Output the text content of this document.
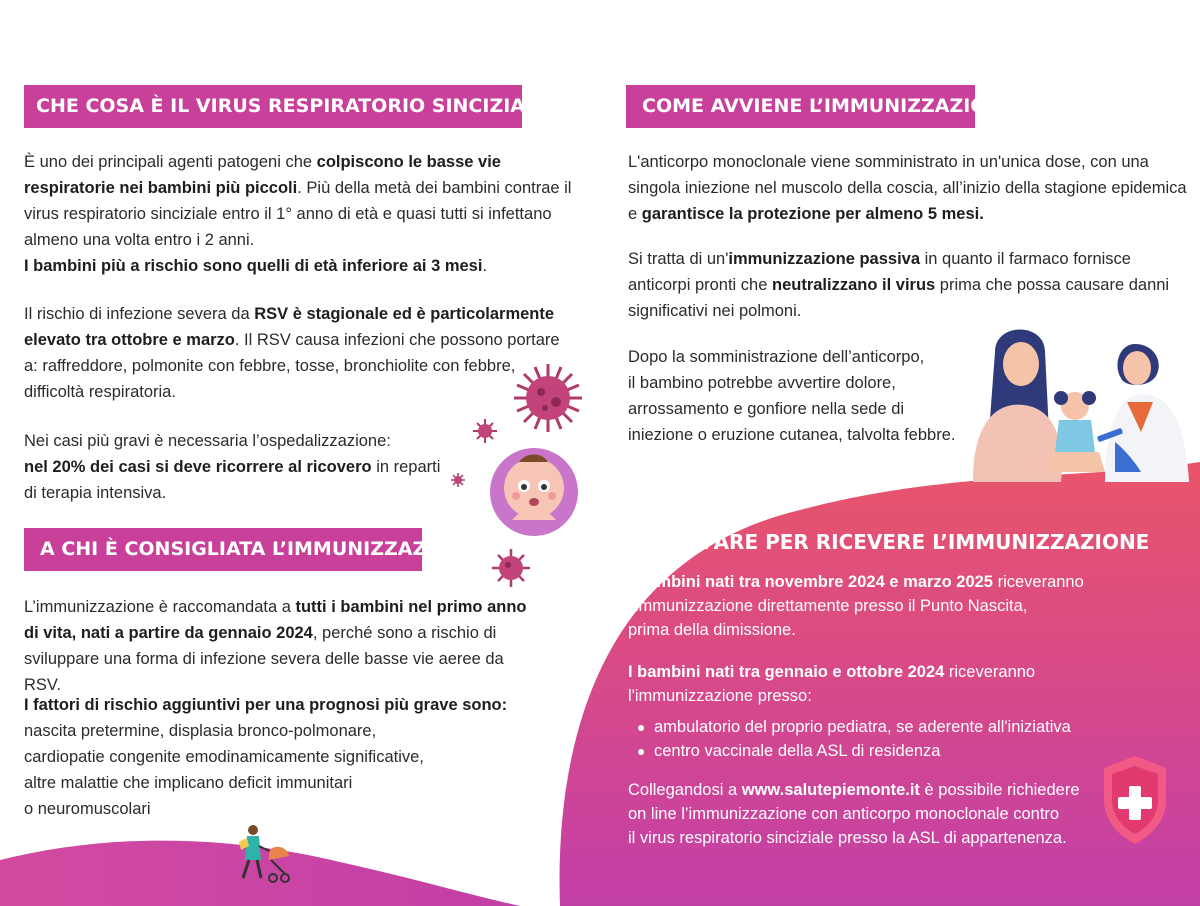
CHE COSA È IL VIRUS RESPIRATORIO SINCIZIALE - RSV

È uno dei principali agenti patogeni che colpiscono le basse vie respiratorie nei bambini più piccoli. Più della metà dei bambini contrae il virus respiratorio sinciziale entro il 1° anno di età e quasi tutti si infettano almeno una volta entro i 2 anni.

I bambini più a rischio sono quelli di età inferiore ai 3 mesi.

Il rischio di infezione severa da RSV è stagionale ed è particolarmente elevato tra ottobre e marzo. Il RSV causa infezioni che possono portare a: raffreddore, polmonite con febbre, tosse, bronchiolite con febbre, difficoltà respiratoria.

Nei casi più gravi è necessaria l’ospedalizzazione:

nel 20% dei casi si deve ricorrere al ricovero in reparti di terapia intensiva.

A CHI È CONSIGLIATA L’IMMUNIZZAZIONE

L’immunizzazione è raccomandata a tutti i bambini nel primo anno di vita, nati a partire da gennaio 2024, perché sono a rischio di sviluppare una forma di infezione severa delle basse vie aeree da RSV.

I fattori di rischio aggiuntivi per una prognosi più grave sono:

nascita pretermine, displasia bronco-polmonare,

cardiopatie congenite emodinamicamente significative,

altre malattie che implicano deficit immunitari

o neuromuscolari

COME AVVIENE L’IMMUNIZZAZIONE

L'anticorpo monoclonale viene somministrato in un'unica dose, con una singola iniezione nel muscolo della coscia, all’inizio della stagione epidemica e garantisce la protezione per almeno 5 mesi.

Si tratta di un'immunizzazione passiva in quanto il farmaco fornisce anticorpi pronti che neutralizzano il virus prima che possa causare danni significativi nei polmoni.

Dopo la somministrazione dell’anticorpo,

il bambino potrebbe avvertire dolore,

arrossamento e gonfiore nella sede di

iniezione o eruzione cutanea, talvolta febbre.

COME FARE PER RICEVERE L’IMMUNIZZAZIONE

I bambini nati tra novembre 2024 e marzo 2025 riceveranno

l'immunizzazione direttamente presso il Punto Nascita,

prima della dimissione.

I bambini nati tra gennaio e ottobre 2024 riceveranno

l'immunizzazione presso:

ambulatorio del proprio pediatra, se aderente all'iniziativa
centro vaccinale della ASL di residenza

Collegandosi a www.salutepiemonte.it è possibile richiedere

on line l’immunizzazione con anticorpo monoclonale contro

il virus respiratorio sinciziale presso la ASL di appartenenza.
